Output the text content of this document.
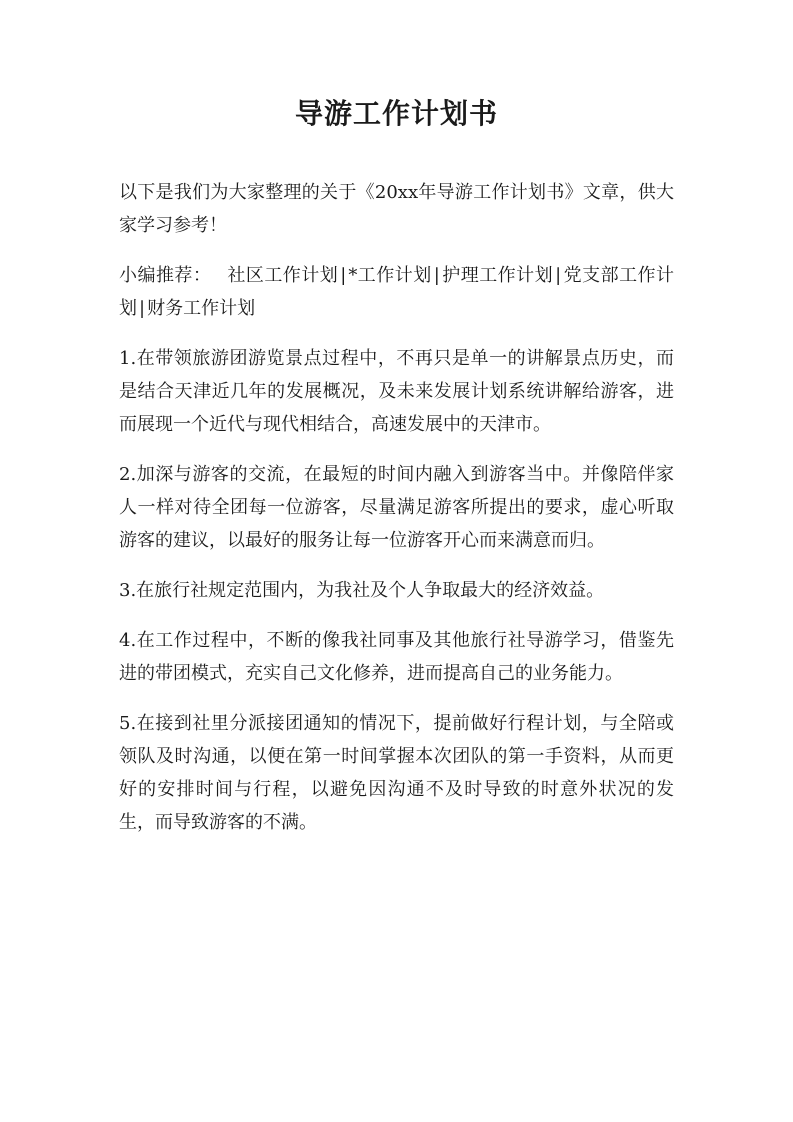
导游工作计划书

以下是我们为大家整理的关于《20xx年导游工作计划书》文章，供大家学习参考！

小编推荐： 社区工作计划 | *工作计划 | 护理工作计划 | 党支部工作计划 | 财务工作计划

1.在带领旅游团游览景点过程中，不再只是单一的讲解景点历史，而是结合天津近几年的发展概况，及未来发展计划系统讲解给游客，进而展现一个近代与现代相结合，高速发展中的天津市。

2.加深与游客的交流，在最短的时间内融入到游客当中。并像陪伴家人一样对待全团每一位游客，尽量满足游客所提出的要求，虚心听取游客的建议，以最好的服务让每一位游客开心而来满意而归。

3.在旅行社规定范围内，为我社及个人争取最大的经济效益。

4.在工作过程中，不断的像我社同事及其他旅行社导游学习，借鉴先进的带团模式，充实自己文化修养，进而提高自己的业务能力。

5.在接到社里分派接团通知的情况下，提前做好行程计划，与全陪或领队及时沟通，以便在第一时间掌握本次团队的第一手资料，从而更好的安排时间与行程，以避免因沟通不及时导致的时意外状况的发生，而导致游客的不满。
